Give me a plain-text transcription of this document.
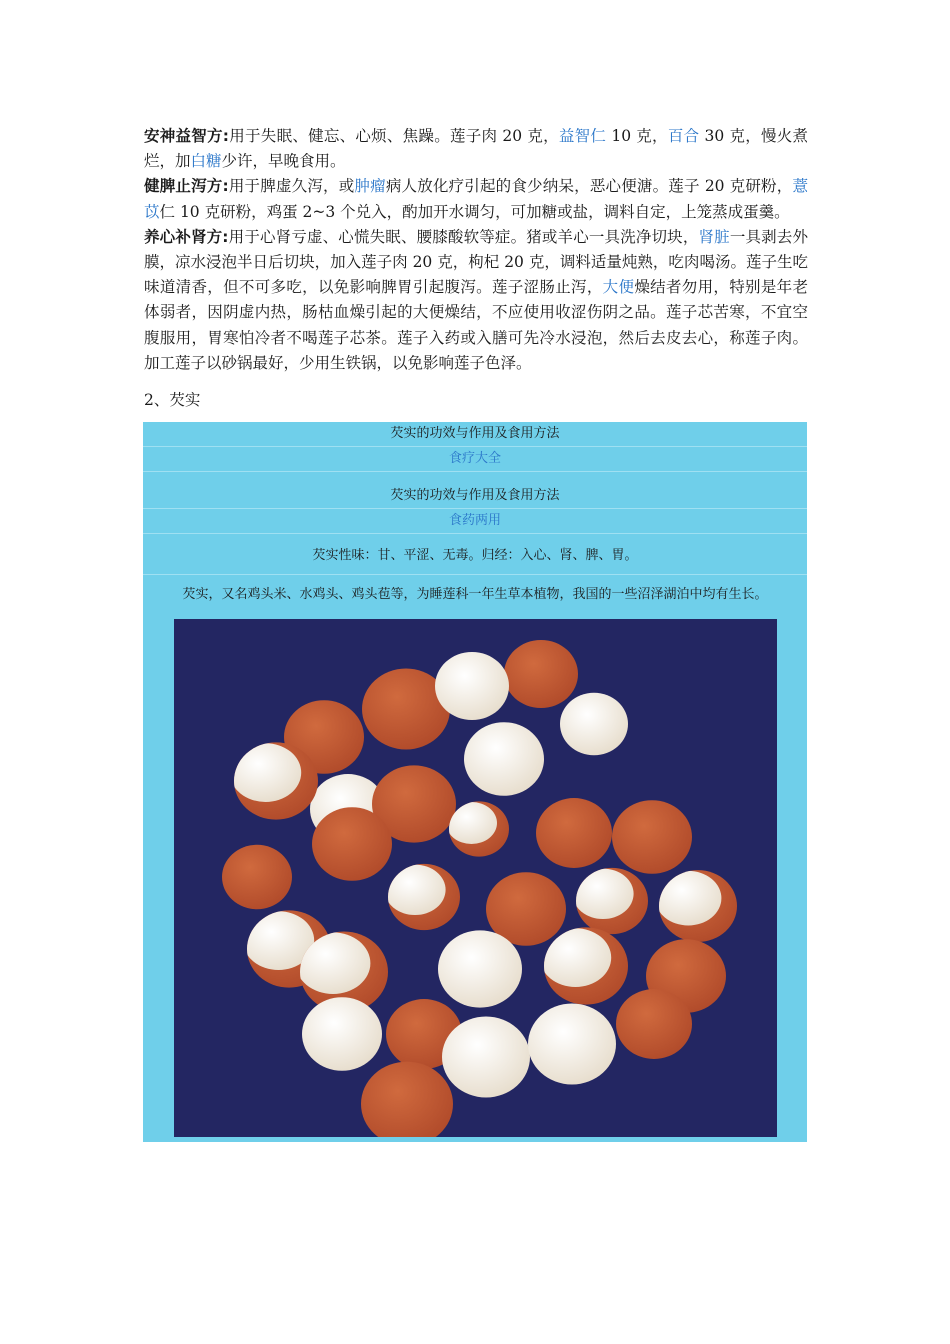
安神益智方:用于失眠、健忘、心烦、焦躁。莲子肉 20 克，益智仁 10 克，百合 30 克，慢火煮烂，加白糖少许，早晚食用。

健脾止泻方:用于脾虚久泻，或肿瘤病人放化疗引起的食少纳呆，恶心便溏。莲子 20 克研粉，薏苡仁 10 克研粉，鸡蛋 2~3 个兑入，酌加开水调匀，可加糖或盐，调料自定，上笼蒸成蛋羹。

养心补肾方:用于心肾亏虚、心慌失眠、腰膝酸软等症。猪或羊心一具洗净切块，肾脏一具剥去外膜，凉水浸泡半日后切块，加入莲子肉 20 克，枸杞 20 克，调料适量炖熟，吃肉喝汤。莲子生吃味道清香，但不可多吃，以免影响脾胃引起腹泻。莲子涩肠止泻，大便燥结者勿用，特别是年老体弱者，因阴虚内热，肠枯血燥引起的大便燥结，不应使用收涩伤阴之品。莲子芯苦寒，不宜空腹服用，胃寒怕冷者不喝莲子芯茶。莲子入药或入膳可先冷水浸泡，然后去皮去心，称莲子肉。加工莲子以砂锅最好，少用生铁锅，以免影响莲子色泽。

2、芡实
芡实的功效与作用及食用方法
食疗大全
芡实的功效与作用及食用方法
食药两用
芡实性味：甘、平涩、无毒。归经：入心、肾、脾、胃。
芡实，又名鸡头米、水鸡头、鸡头苞等，为睡莲科一年生草本植物，我国的一些沼泽湖泊中均有生长。
